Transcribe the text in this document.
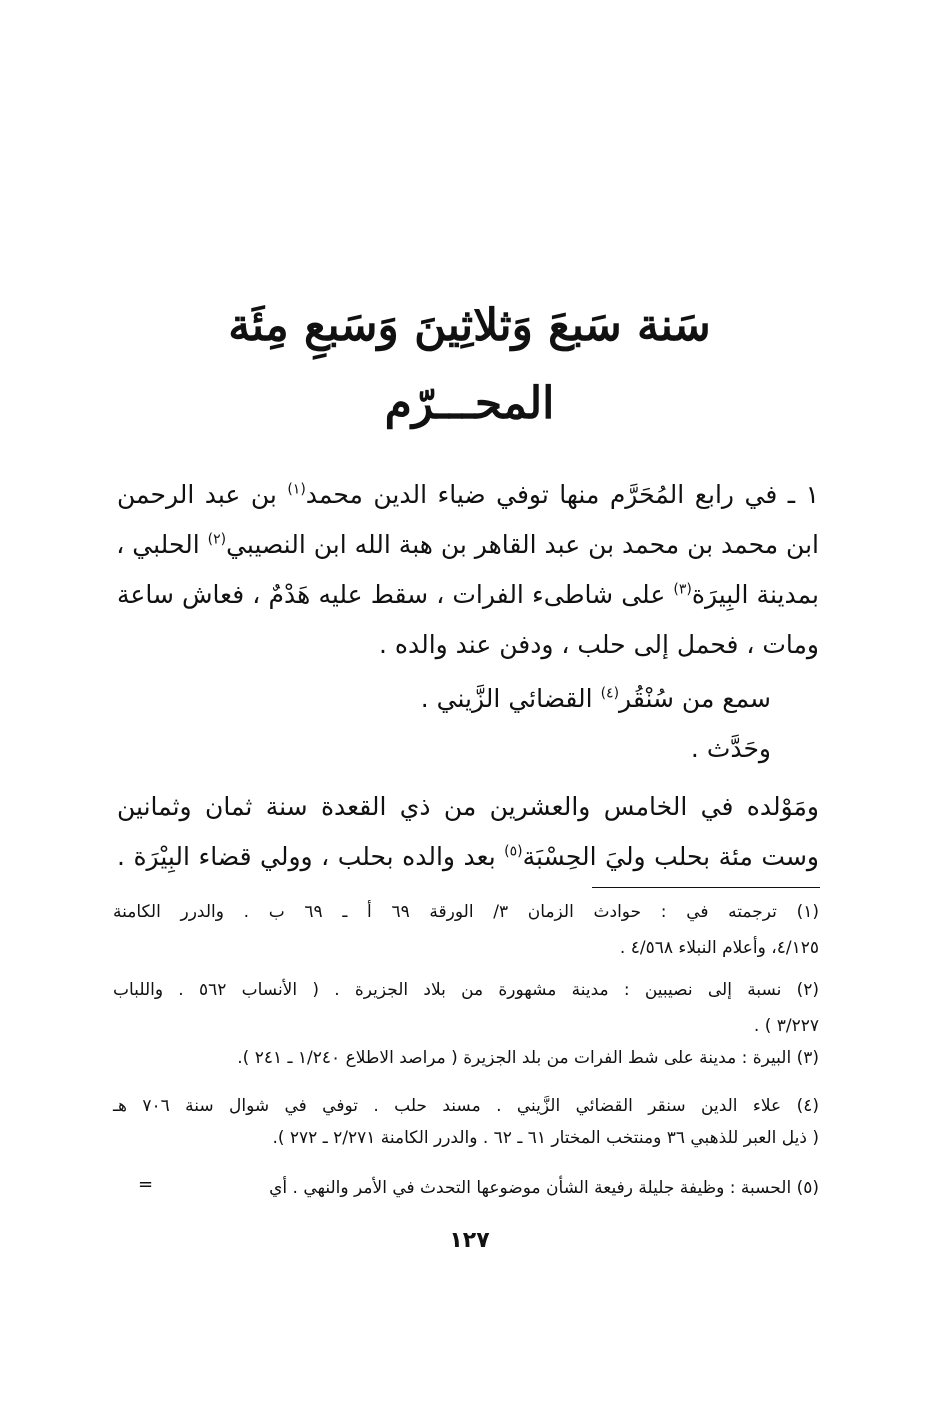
سَنة سَبعَ وَثلاثِينَ وَسَبعِ مِئَة
المحـــرّم
١ ـ في رابع المُحَرَّم منها توفي ضياء الدين محمد$^{(١)}$ بن عبد الرحمن
ابن محمد بن محمد بن عبد القاهر بن هبة الله ابن النصيبي$^{(٢)}$ الحلبي ،
بمدينة البِيرَة$^{(٣)}$ على شاطىء الفرات ، سقط عليه هَدْمٌ ، فعاش ساعة
ومات ، فحمل إلى حلب ، ودفن عند والده .
سمع من سُنْقُر$^{(٤)}$ القضائي الزَّيني .
وحَدَّث .
ومَوْلده في الخامس والعشرين من ذي القعدة سنة ثمان وثمانين
وست مئة بحلب وليَ الحِسْبَة$^{(٥)}$ بعد والده بحلب ، وولي قضاء البِيْرَة .
(١) ترجمته في : حوادث الزمان ٣/ الورقة ٦٩ أ ـ ٦٩ ب . والدرر الكامنة
٤/١٢٥، وأعلام النبلاء ٤/٥٦٨ .
(٢) نسبة إلى نصيبين : مدينة مشهورة من بلاد الجزيرة . ( الأنساب ٥٦٢ . واللباب
٣/٢٢٧ ) .
(٣) البيرة : مدينة على شط الفرات من بلد الجزيرة ( مراصد الاطلاع ١/٢٤٠ ـ ٢٤١ ).
(٤) علاء الدين سنقر القضائي الزَّيني . مسند حلب . توفي في شوال سنة ٧٠٦ هـ
( ذيل العبر للذهبي ٣٦ ومنتخب المختار ٦١ ـ ٦٢ . والدرر الكامنة ٢/٢٧١ ـ ٢٧٢ ).
(٥) الحسبة : وظيفة جليلة رفيعة الشأن موضوعها التحدث في الأمر والنهي . أي
=
١٢٧
